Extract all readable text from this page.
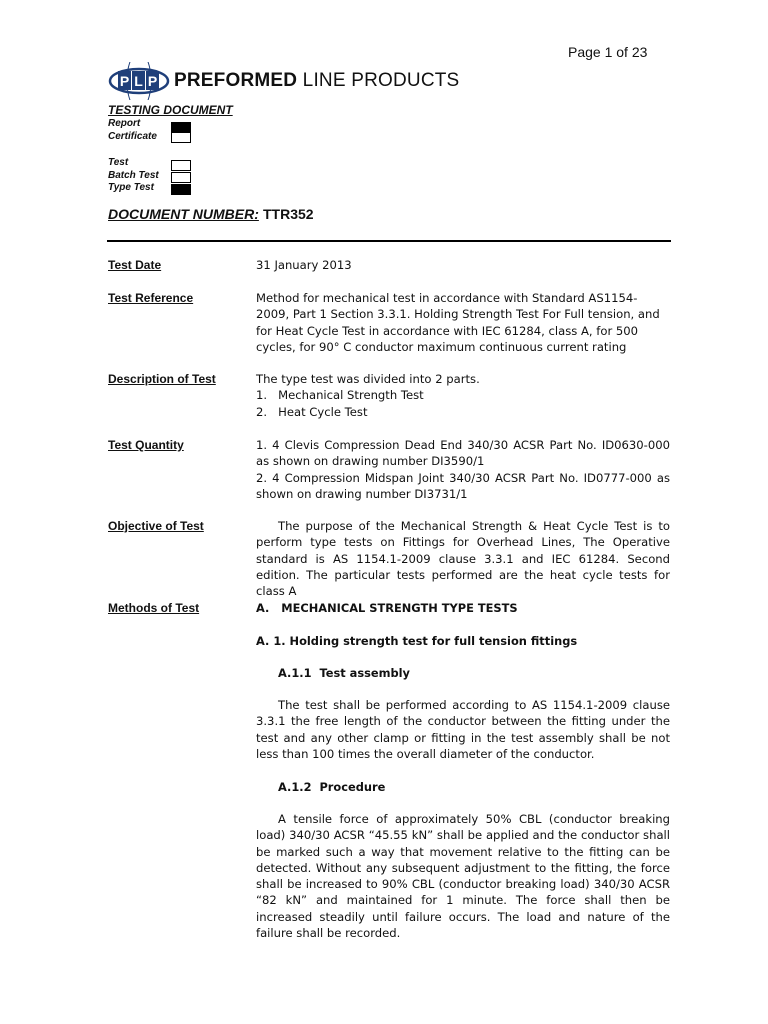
Page 1 of 23
P L P PREFORMED LINE PRODUCTS
TESTING DOCUMENT
Report
Certificate
Test
Batch Test
Type Test
DOCUMENT NUMBER: TTR352
Test Date	31 January 2013
Test Reference	Method for mechanical test in accordance with Standard AS1154-2009, Part 1 Section 3.3.1. Holding Strength Test For Full tension, and for Heat Cycle Test in accordance with IEC 61284, class A, for 500 cycles, for 90° C conductor maximum continuous current rating
Description of Test	The type test was divided into 2 parts.
1.   Mechanical Strength Test
2.   Heat Cycle Test
Test Quantity	1. 4 Clevis Compression Dead End 340/30 ACSR Part No. ID0630-000 as shown on drawing number DI3590/1
2. 4 Compression Midspan Joint 340/30 ACSR Part No. ID0777-000 as shown on drawing number DI3731/1
Objective of Test	The purpose of the Mechanical Strength & Heat Cycle Test is to perform type tests on Fittings for Overhead Lines, The Operative standard is AS 1154.1-2009 clause 3.3.1 and IEC 61284. Second edition. The particular tests performed are the heat cycle tests for class A
Methods of Test	A.   MECHANICAL STRENGTH TYPE TESTS
A. 1. Holding strength test for full tension fittings
A.1.1  Test assembly
The test shall be performed according to AS 1154.1-2009 clause 3.3.1 the free length of the conductor between the fitting under the test and any other clamp or fitting in the test assembly shall be not less than 100 times the overall diameter of the conductor.
A.1.2  Procedure
A tensile force of approximately 50% CBL (conductor breaking load) 340/30 ACSR “45.55 kN” shall be applied and the conductor shall be marked such a way that movement relative to the fitting can be detected. Without any subsequent adjustment to the fitting, the force shall be increased to 90% CBL (conductor breaking load) 340/30 ACSR “82 kN” and maintained for 1 minute. The force shall then be increased steadily until failure occurs. The load and nature of the failure shall be recorded.
